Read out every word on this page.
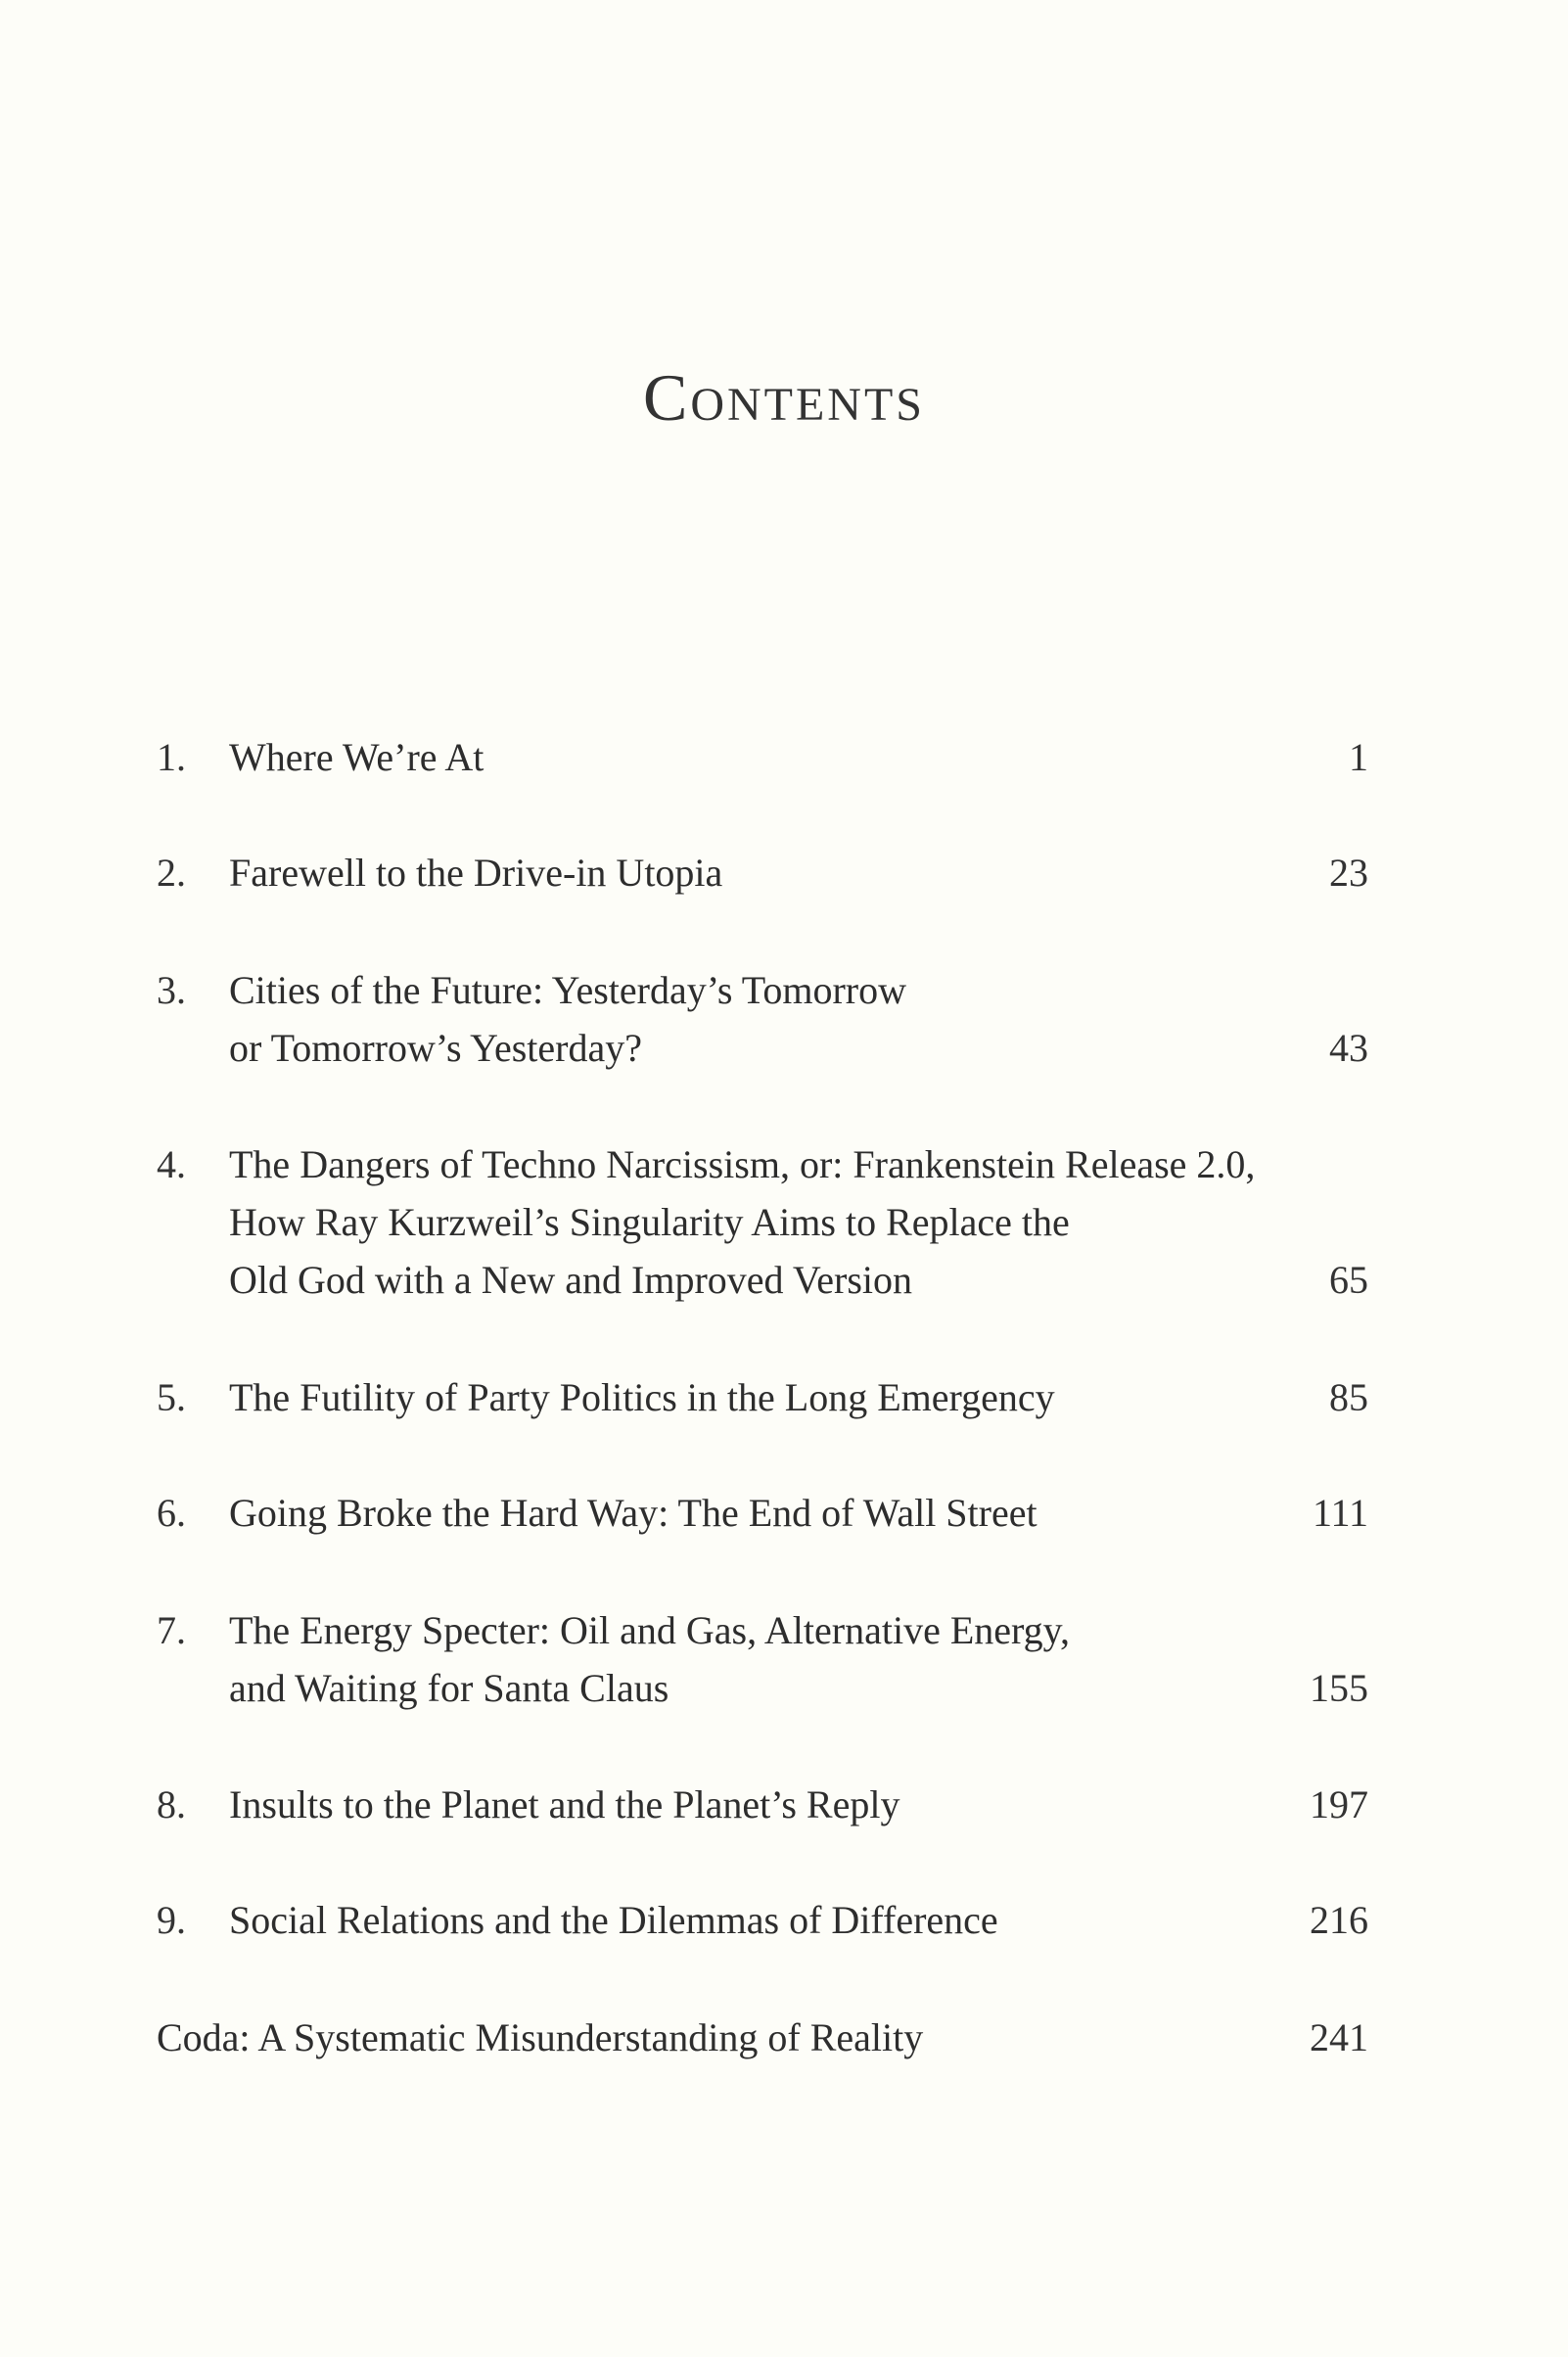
Contents
1. Where We’re At	1
2. Farewell to the Drive-in Utopia	23
3. Cities of the Future: Yesterday’s Tomorrow
or Tomorrow’s Yesterday?	43
4. The Dangers of Techno Narcissism, or: Frankenstein Release 2.0,
How Ray Kurzweil’s Singularity Aims to Replace the
Old God with a New and Improved Version	65
5. The Futility of Party Politics in the Long Emergency	85
6. Going Broke the Hard Way: The End of Wall Street	111
7. The Energy Specter: Oil and Gas, Alternative Energy,
and Waiting for Santa Claus	155
8. Insults to the Planet and the Planet’s Reply	197
9. Social Relations and the Dilemmas of Difference	216
Coda: A Systematic Misunderstanding of Reality	241
